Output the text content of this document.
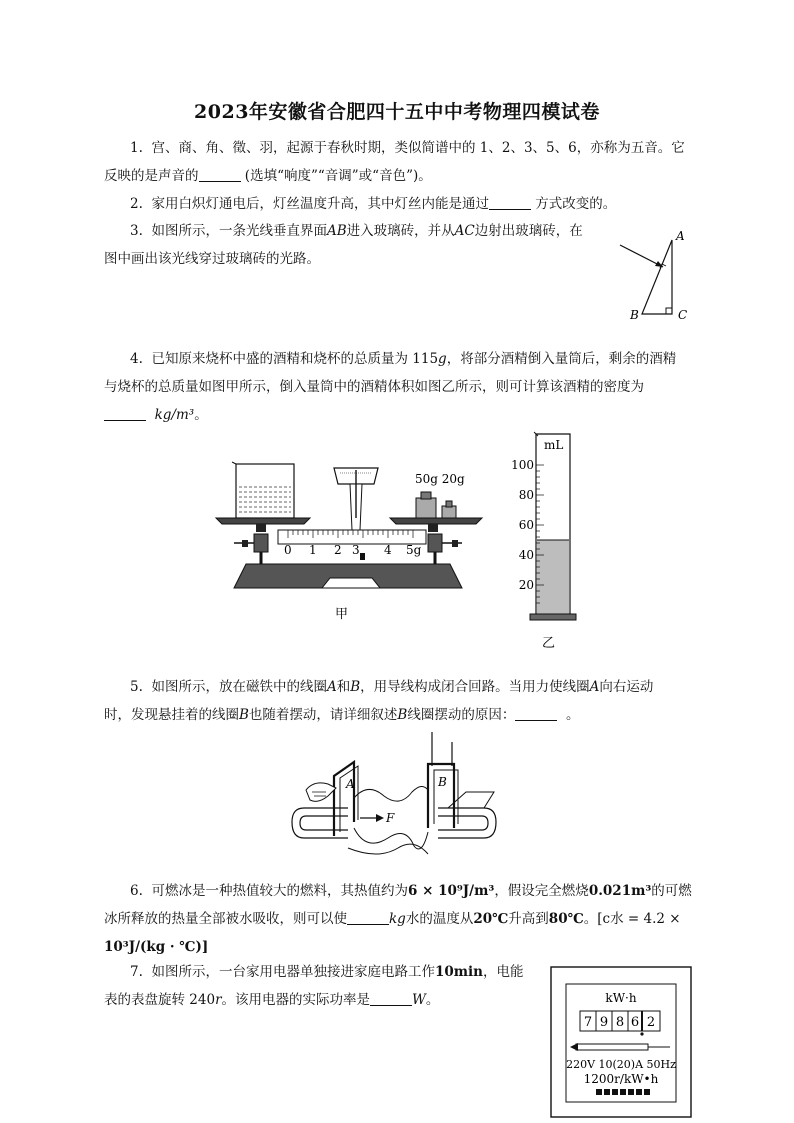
2023年安徽省合肥四十五中中考物理四模试卷
1. 宫、商、角、徵、羽，起源于春秋时期，类似简谱中的 1、2、3、5、6，亦称为五音。它
反映的是声音的	(选填“响度”“音调”或“音色”)。
2. 家用白炽灯通电后，灯丝温度升高，其中灯丝内能是通过	方式改变的。
3. 如图所示，一条光线垂直界面AB进入玻璃砖，并从AC边射出玻璃砖，在
图中画出该光线穿过玻璃砖的光路。
A
B	C
4. 已知原来烧杯中盛的酒精和烧杯的总质量为 115g，将部分酒精倒入量筒后，剩余的酒精
与烧杯的总质量如图甲所示，倒入量筒中的酒精体积如图乙所示，则可计算该酒精的密度为
kg/m³。
50g 20g
0 1 2 3 4 5g
甲
mL
100
80
60
40
20
乙
5. 如图所示，放在磁铁中的线圈A和B，用导线构成闭合回路。当用力使线圈A向右运动
时，发现悬挂着的线圈B也随着摆动，请详细叙述B线圈摆动的原因：	。
A	B
F
6. 可燃冰是一种热值较大的燃料，其热值约为6 × 10⁹J/m³，假设完全燃烧0.021m³的可燃
冰所释放的热量全部被水吸收，则可以使	kg水的温度从20℃升高到80℃。[c水 = 4.2 ×
10³J/(kg · ℃)]
7. 如图所示，一台家用电器单独接进家庭电路工作10min，电能
表的表盘旋转 240r。该用电器的实际功率是	W。	kW·h
7 9 8 6 2
220V 10(20)A 50Hz
1200r/kW•h
